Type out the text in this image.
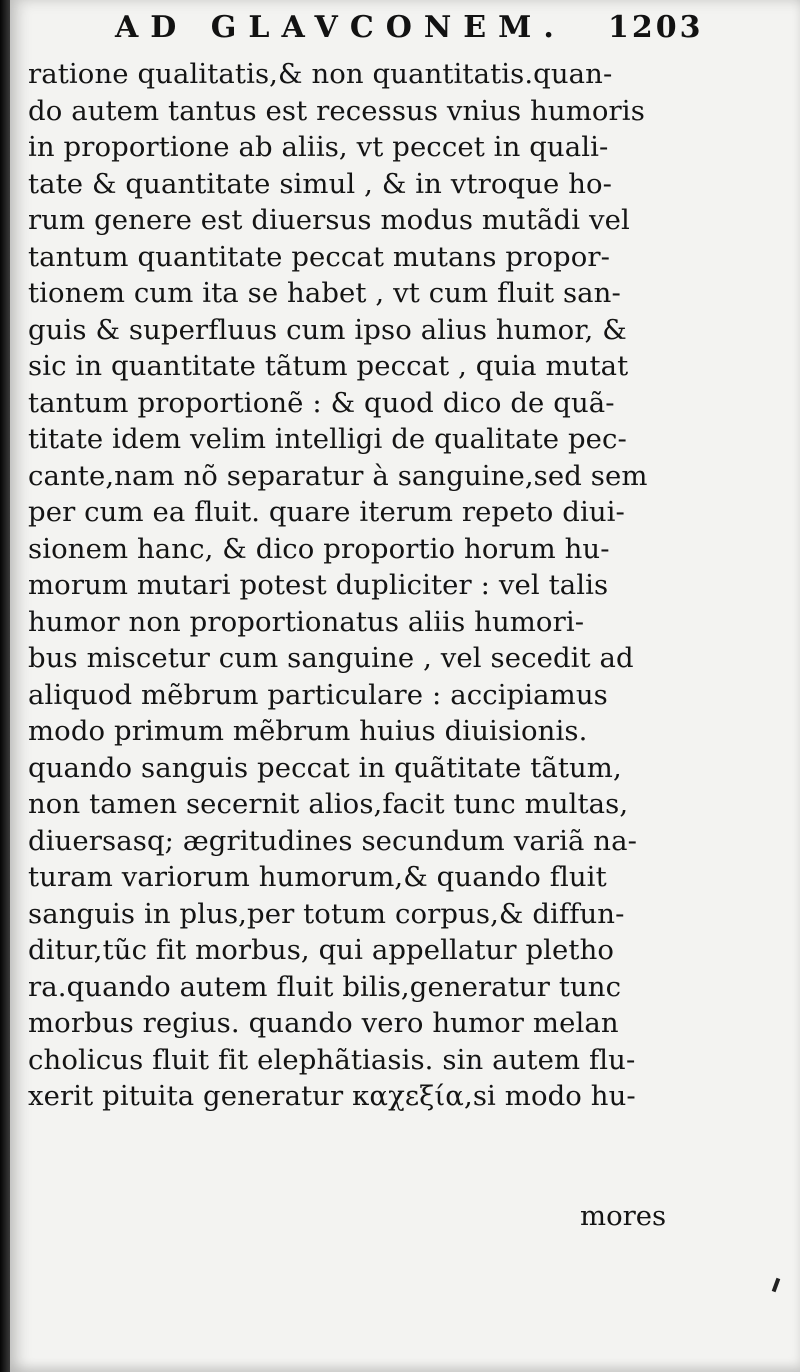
AD GLAVCONEM. 1203
ratione qualitatis,& non quantitatis.quan-
do autem tantus est recessus vnius humoris
in proportione ab aliis, vt peccet in quali-
tate & quantitate simul , & in vtroque ho-
rum genere est diuersus modus mutãdi vel
tantum quantitate peccat mutans propor-
tionem cum ita se habet , vt cum fluit san-
guis & superfluus cum ipso alius humor, &
sic in quantitate tãtum peccat , quia mutat
tantum proportionẽ : & quod dico de quã-
titate idem velim intelligi de qualitate pec-
cante,nam nõ separatur à sanguine,sed sem
per cum ea fluit. quare iterum repeto diui-
sionem hanc, & dico proportio horum hu-
morum mutari potest dupliciter : vel talis
humor non proportionatus aliis humori-
bus miscetur cum sanguine , vel secedit ad
aliquod mẽbrum particulare : accipiamus
modo primum mẽbrum huius diuisionis.
quando sanguis peccat in quãtitate tãtum,
non tamen secernit alios,facit tunc multas,
diuersasq; ægritudines secundum variã na-
turam variorum humorum,& quando fluit
sanguis in plus,per totum corpus,& diffun-
ditur,tũc fit morbus, qui appellatur pletho
ra.quando autem fluit bilis,generatur tunc
morbus regius. quando vero humor melan
cholicus fluit fit elephãtiasis. sin autem flu-
xerit pituita generatur καχεξία,si modo hu-
mores
